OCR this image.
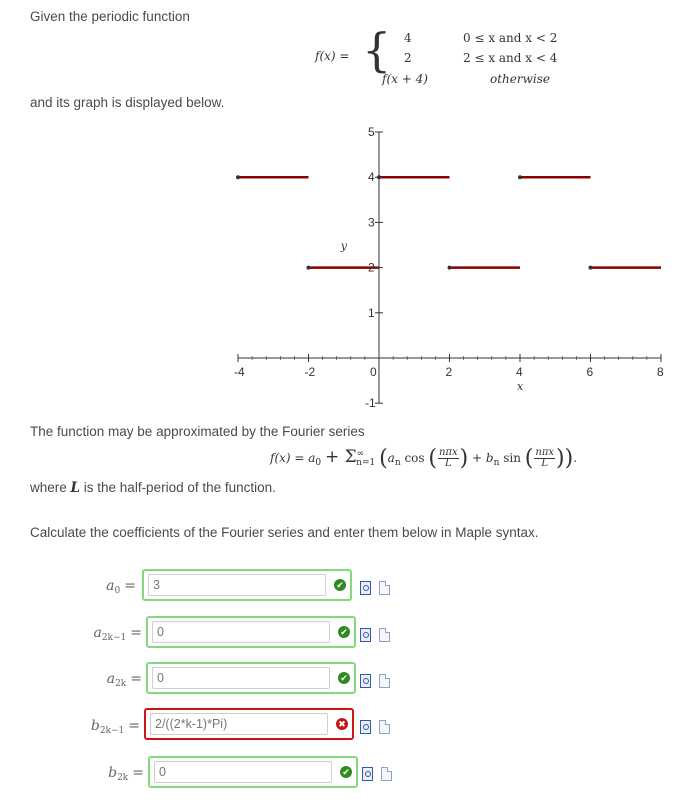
Given the periodic function
f(x) = { 4	0 ≤ x and x < 2
2	2 ≤ x and x < 4
f(x + 4)	otherwise
and its graph is displayed below.
-4	-2	0	2	4	6	8
-1
1
2
3
4
5
x
y
The function may be approximated by the Fourier series
$f(x) = a_0 + \Sigma^\infty_{n=1}$ ($a_n$ cos ( $\frac{\text{nπx}}{L}$ ) + $b_n$ sin ( $\frac{\text{nπx}}{L}$ )).
where L is the half-period of the function.
Calculate the coefficients of the Fourier series and enter them below in Maple syntax.
$a_0$ =
3	✔
$a_{2k-1}$ =
0	✔
$a_{2k}$ =
0	✔
$b_{2k-1}$ =
2/((2*k-1)*Pi)	✖
$b_{2k}$ =
0	✔
